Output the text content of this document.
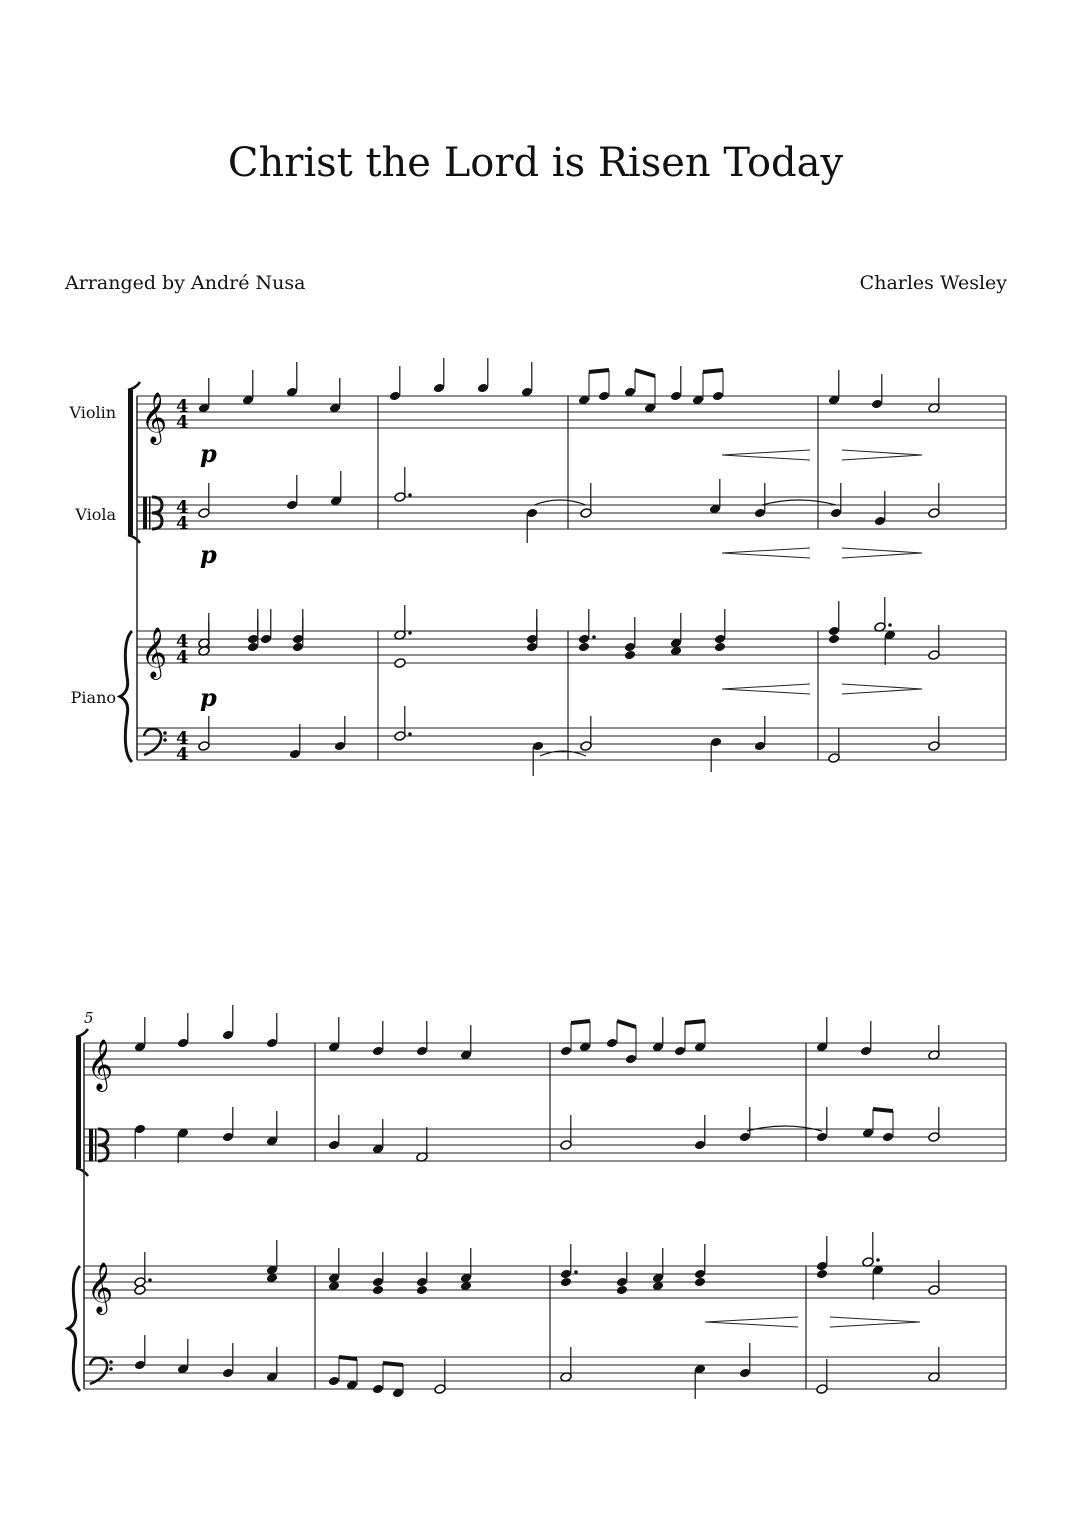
Christ the Lord is Risen Today
Arranged by André Nusa	Charles Wesley
Violin
Viola
Piano
5
𝄞
𝄞
4
4
4
4
4
4
4
4
𝄞
𝄞
p
p
p
